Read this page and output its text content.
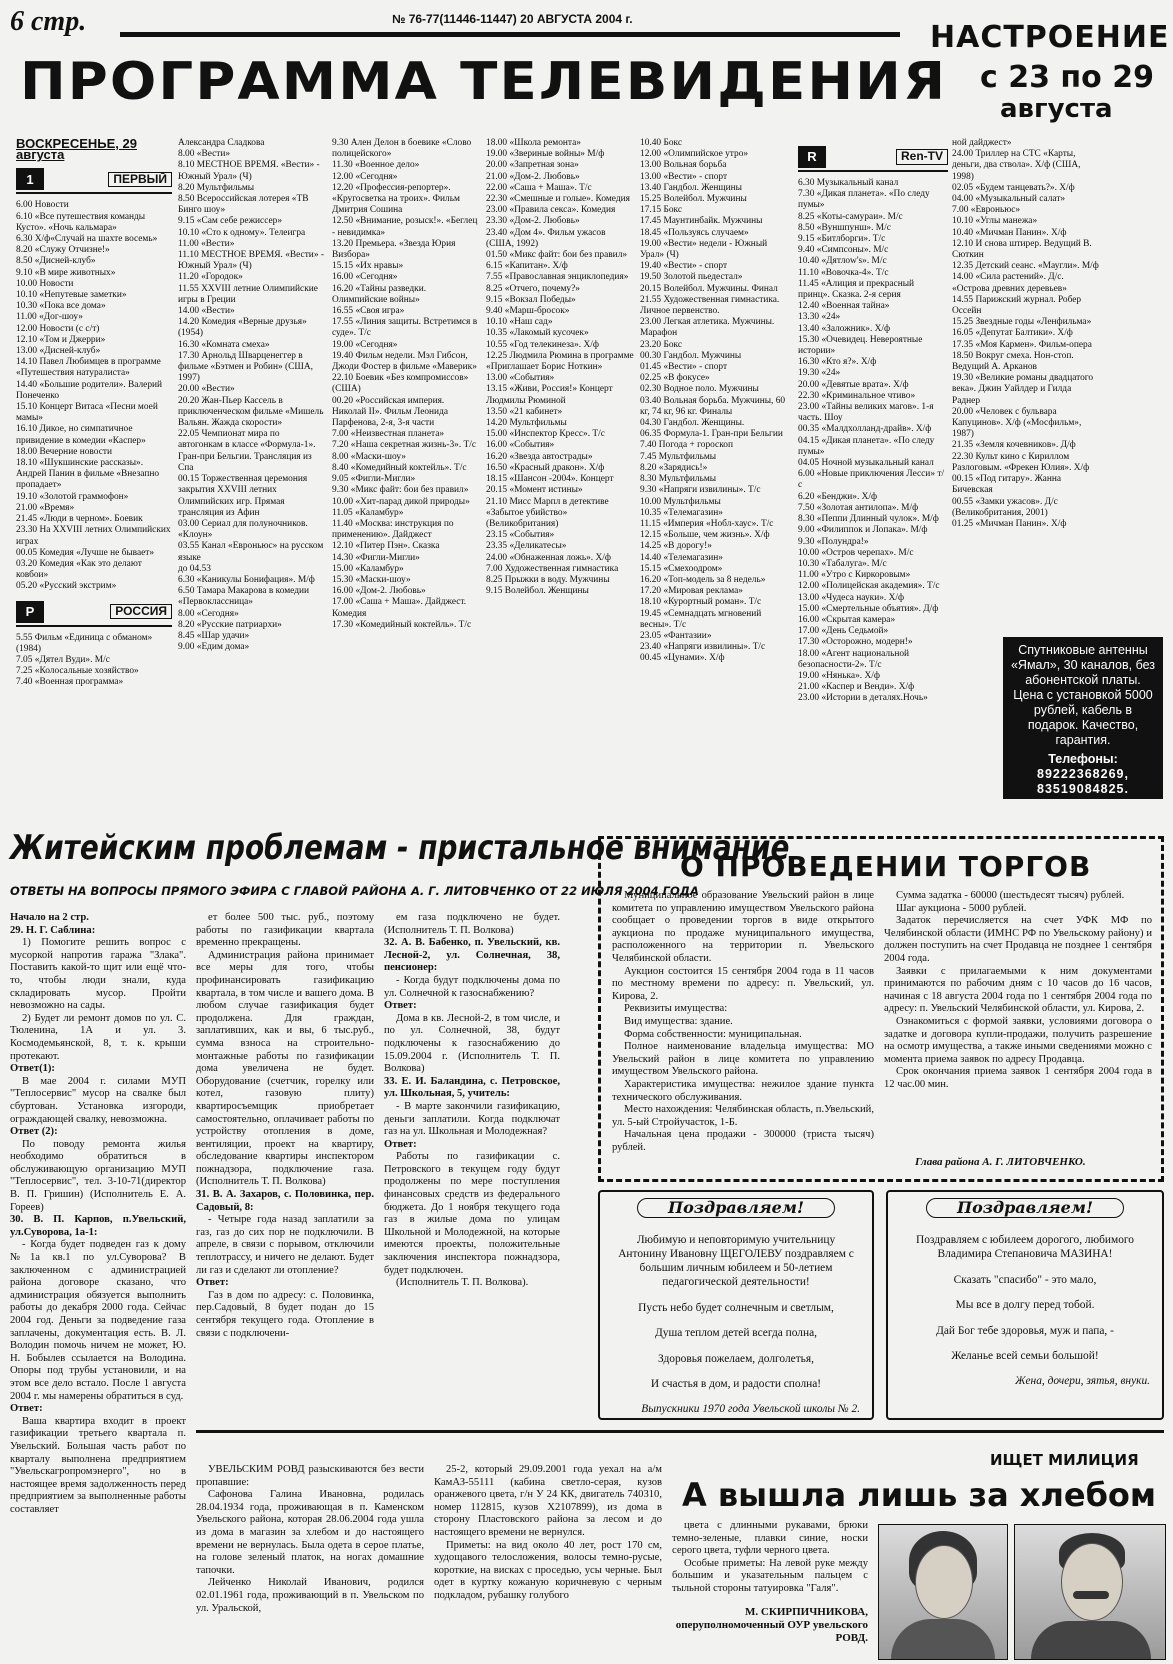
6 стр.	№ 76-77(11446-11447) 20 АВГУСТА 2004 г.
НАСТРОЕНИЕ
ПРОГРАММА ТЕЛЕВИДЕНИЯ с 23 по 29
августа
ВОСКРЕСЕНЬЕ, 29 августа
1	ПЕРВЫЙ

6.00 Новости

6.10 «Все путешествия команды Кусто». «Ночь кальмара»

6.30 Х/ф«Случай на шахте восемь»

8.20 «Служу Отчизне!»

8.50 «Дисней-клуб»

9.10 «В мире животных»

10.00 Новости

10.10 «Непутевые заметки»

10.30 «Пока все дома»

11.00 «Дог-шоу»

12.00 Новости (с с/т)

12.10 «Том и Джерри»

13.00 «Дисней-клуб»

14.10 Павел Любимцев в программе «Путешествия натуралиста»

14.40 «Большие родители». Валерий Понеченко

15.10 Концерт Витаса «Песни моей мамы»

16.10 Дикое, но симпатичное привидение в комедии «Каспер»

18.00 Вечерние новости

18.10 «Шукшинские рассказы». Андрей Панин в фильме «Внезапно пропадает»

19.10 «Золотой граммофон»

21.00 «Время»

21.45 «Люди в черном». Боевик

23.30 На XXVIII летних Олимпийских играх

00.05 Комедия «Лучше не бывает»

03.20 Комедия «Как это делают ковбои»

05.20 «Русский экстрим»

Р	РОССИЯ

5.55 Фильм «Единица с обманом» (1984)

7.05 «Дятел Вуди». М/с

7.25 «Колосальные хозяйство»

7.40 «Военная программа»

Александра Сладкова

8.00 «Вести»

8.10 МЕСТНОЕ ВРЕМЯ. «Вести» - Южный Урал» (Ч)

8.20 Мультфильмы

8.50 Всероссийская лотерея «ТВ Бинго шоу»

9.15 «Сам себе режиссер»

10.10 «Сто к одному». Телеигра

11.00 «Вести»

11.10 МЕСТНОЕ ВРЕМЯ. «Вести» - Южный Урал» (Ч)

11.20 «Городок»

11.55 XXVIII летние Олимпийские игры в Греции

14.00 «Вести»

14.20 Комедия «Верные друзья» (1954)

16.30 «Комната смеха»

17.30 Арнольд Шварценеггер в фильме «Бэтмен и Робин» (США, 1997)

20.00 «Вести»

20.20 Жан-Пьер Кассель в приключенческом фильме «Мишель Вальян. Жажда скорости»

22.05 Чемпионат мира по автогонкам в классе «Формула-1». Гран-при Бельгии. Трансляция из Спа

00.15 Торжественная церемония закрытия XXVIII летних Олимпийских игр. Прямая трансляция из Афин

03.00 Сериал для полуночников. «Клоун»

03.55 Канал «Евроньюс» на русском языке

до 04.53

6.30 «Каникулы Бонифация». М/ф

6.50 Тамара Макарова в комедии «Первоклассница»

8.00 «Сегодня»

8.20 «Русские патриархи»

8.45 «Шар удачи»

9.00 «Едим дома»

9.30 Ален Делон в боевике «Слово полицейского»

11.30 «Военное дело»

12.00 «Сегодня»

12.20 «Профессия-репортер». «Кругосветка на троих». Фильм Дмитрия Сошина

12.50 «Внимание, розыск!». «Беглец - невидимка»

13.20 Премьера. «Звезда Юрия Визбора»

15.15 «Их нравы»

16.00 «Сегодня»

16.20 «Тайны разведки. Олимпийские войны»

16.55 «Своя игра»

17.55 «Линия защиты. Встретимся в суде». Т/с

19.00 «Сегодня»

19.40 Фильм недели. Мэл Гибсон, Джоди Фостер в фильме «Маверик»

22.10 Боевик «Без компромиссов» (США)

00.20 «Российская империя. Николай II». Фильм Леонида Парфенова, 2-я, 3-я части

7.00 «Неизвестная планета»

7.20 «Наша секретная жизнь-3». Т/с

8.00 «Маски-шоу»

8.40 «Комедийный коктейль». Т/с

9.05 «Фигли-Мигли»

9.30 «Микс файт: бои без правил»

10.00 «Хит-парад дикой природы»

11.05 «Каламбур»

11.40 «Москва: инструкция по применению». Дайджест

12.10 «Питер Пэн». Сказка

14.30 «Фигли-Мигли»

15.00 «Каламбур»

15.30 «Маски-шоу»

16.00 «Дом-2. Любовь»

17.00 «Саша + Маша». Дайджест. Комедия

17.30 «Комедийный коктейль». Т/с

18.00 «Школа ремонта»

19.00 «Звериные войны» М/ф

20.00 «Запретная зона»

21.00 «Дом-2. Любовь»

22.00 «Саша + Маша». Т/с

22.30 «Смешные и голые». Комедия

23.00 «Правила секса». Комедия

23.30 «Дом-2. Любовь»

23.40 «Дом 4». Фильм ужасов (США, 1992)

01.50 «Микс файт: бои без правил»

6.15 «Капитан». Х/ф

7.55 «Православная энциклопедия»

8.25 «Отчего, почему?»

9.15 «Вокзал Победы»

9.40 «Марш-бросок»

10.10 «Наш сад»

10.35 «Лакомый кусочек»

10.55 «Год телекинеза». Х/ф

12.25 Людмила Рюмина в программе «Приглашает Борис Ноткин»

13.00 «События»

13.15 «Живи, Россия!» Концерт Людмилы Рюминой

13.50 «21 кабинет»

14.20 Мультфильмы

15.00 «Инспектор Кресс». Т/с

16.00 «События»

16.20 «Звезда автострады»

16.50 «Красный дракон». Х/ф

18.15 «Шансон -2004». Концерт

20.15 «Момент истины»

21.10 Мисс Марпл в детективе «Забытое убийство» (Великобритания)

23.15 «События»

23.35 «Деликатесы»

24.00 «Обнаженная ложь». Х/ф

7.00 Художественная гимнастика

8.25 Прыжки в воду. Мужчины

9.15 Волейбол. Женщины

10.40 Бокс

12.00 «Олимпийское утро»

13.00 Вольная борьба

13.00 «Вести» - спорт

13.40 Гандбол. Женщины

15.25 Волейбол. Мужчины

17.15 Бокс

17.45 Маунтинбайк. Мужчины

18.45 «Пользуясь случаем»

19.00 «Вести» недели - Южный Урал» (Ч)

19.40 «Вести» - спорт

19.50 Золотой пьедестал»

20.15 Волейбол. Мужчины. Финал

21.55 Художественная гимнастика. Личное первенство.

23.00 Легкая атлетика. Мужчины. Марафон

23.20 Бокс

00.30 Гандбол. Мужчины

01.45 «Вести» - спорт

02.25 «В фокусе»

02.30 Водное поло. Мужчины

03.40 Вольная борьба. Мужчины, 60 кг, 74 кг, 96 кг. Финалы

04.30 Гандбол. Женщины.

06.35 Формула-1. Гран-при Бельгии

7.40 Погода + гороскоп

7.45 Мультфильмы

8.20 «Зарядись!»

8.30 Мультфильмы

9.30 «Напряги извилины». Т/с

10.00 Мультфильмы

10.35 «Телемагазин»

11.15 «Империя «Нобл-хаус». Т/с

12.15 «Больше, чем жизнь». Х/ф

14.25 «В дорогу!»

14.40 «Телемагазин»

15.15 «Смехоодром»

16.20 «Топ-модель за 8 недель»

17.20 «Мировая реклама»

18.10 «Курортный роман». Т/с

19.45 «Семнадцать мгновений весны». Т/с

23.05 «Фантазии»

23.40 «Напряги извилины». Т/с

00.45 «Цунами». Х/ф

R	Ren-TV

6.30 Музыкальный канал

7.30 «Дикая планета». «По следу пумы»

8.25 «Коты-самураи». М/с

8.50 «Вуншпунш». М/с

9.15 «Битлборги». Т/с

9.40 «Симпсоны». М/с

10.40 «Дятлоw's». М/с

11.10 «Вовочка-4». Т/с

11.45 «Алиция и прекрасный принц». Сказка. 2-я серия

12.40 «Военная тайна»

13.30 «24»

13.40 «Заложник». Х/ф

15.30 «Очевидец. Невероятные истории»

16.30 «Кто я?». Х/ф

19.30 «24»

20.00 «Девятые врата». Х/ф

22.30 «Криминальное чтиво»

23.00 «Тайны великих магов». 1-я часть. Шоу

00.35 «Малдхолланд-драйв». Х/ф

04.15 «Дикая планета». «По следу пумы»

04.05 Ночной музыкальный канал

6.00 «Новые приключения Лесси» т/с

6.20 «Бенджи». Х/ф

7.50 «Золотая антилопа». М/ф

8.30 «Пеппи Длинный чулок». М/ф

9.00 «Филиппок и Лопака». М/ф

9.30 «Полундра!»

10.00 «Остров черепах». М/с

10.30 «Табалуга». М/с

11.00 «Утро с Киркоровым»

12.00 «Полицейская академия». Т/с

13.00 «Чудеса науки». Х/ф

15.00 «Смертельные объятия». Д/ф

16.00 «Скрытая камера»

17.00 «День Седьмой»

17.30 «Осторожно, модерн!»

18.00 «Агент национальной безопасности-2». Т/с

19.00 «Нянька». Х/ф

21.00 «Каспер и Венди». Х/ф

23.00 «Истории в деталях.Ночь»

ной дайджест»

24.00 Триллер на СТС «Карты, деньги, два ствола». Х/ф (США, 1998)

02.05 «Будем танцевать?». Х/ф

04.00 «Музыкальный салат»

7.00 «Евроньюс»

10.10 «Углы манежа»

10.40 «Мичман Панин». Х/ф

12.10 И снова штирер. Ведущий В. Сюткин

12.35 Детский сеанс. «Маугли». М/ф

14.00 «Сила растений». Д/с. «Острова древних деревьев»

14.55 Парижский журнал. Робер Оссейн

15.25 Звездные годы «Ленфильма»

16.05 «Депутат Балтики». Х/ф

17.35 «Моя Кармен». Фильм-опера

18.50 Вокруг смеха. Нон-стоп. Ведущий А. Арканов

19.30 «Великие романы двадцатого века». Джин Уайлдер и Гилда Раднер

20.00 «Человек с бульвара Капуцинов». Х/ф («Мосфильм», 1987)

21.35 «Земля кочевников». Д/ф

22.30 Культ кино с Кириллом Разлоговым. «Фрекен Юлия». Х/ф

00.15 «Под гитару». Жанна Бичевская

00.55 «Замки ужасов». Д/с (Великобритания, 2001)

01.25 «Мичман Панин». Х/ф

Спутниковые антенны «Ямал», 30 каналов, без абонентской платы. Цена с установкой 5000 рублей, кабель в подарок. Качество, гарантия.
Телефоны:
89222368269, 83519084825.
Житейским проблемам - пристальное внимание
ОТВЕТЫ НА ВОПРОСЫ ПРЯМОГО ЭФИРА С ГЛАВОЙ РАЙОНА А. Г. ЛИТОВЧЕНКО ОТ 22 ИЮЛЯ 2004 ГОДА

Начало на 2 стр.

29. Н. Г. Саблина:

1) Помогите решить вопрос с мусоркой напротив гаража "Злака". Поставить какой-то щит или ещё что-то, чтобы люди знали, куда складировать мусор. Пройти невозможно на сады.

2) Будет ли ремонт домов по ул. С. Тюленина, 1А и ул. 3. Космодемьянской, 8, т. к. крыши протекают.

Ответ(1):

В мае 2004 г. силами МУП "Теплосервис" мусор на свалке был сбуртован. Установка изгороди, ограждающей свалку, невозможна.

Ответ (2):

По поводу ремонта жилья необходимо обратиться в обслуживающую организацию МУП "Теплосервис", тел. 3-10-71(директор В. П. Гришин) (Исполнитель Е. А. Гореев)

30. В. П. Карпов, п.Увельский, ул.Суворова, 1а-1:

- Когда будет подведен газ к дому №1а кв.1 по ул.Суворова? В заключенном с администрацией района договоре сказано, что администрация обязуется выполнить работы до декабря 2000 года. Сейчас 2004 год. Деньги за подведение газа заплачены, документация есть. В. Л. Володин помочь ничем не может, Ю. Н. Бобылев ссылается на Володина. Опоры под трубы установили, и на этом все дело встало. После 1 августа 2004 г. мы намерены обратиться в суд.

Ответ:

Ваша квартира входит в проект газификации третьего квартала п. Увельский. Большая часть работ по кварталу выполнена предприятием "Увельскагропромэнерго", но в настоящее время задолженность перед предприятием за выполненные работы составляет

ет более 500 тыс. руб., поэтому работы по газификации квартала временно прекращены.

Администрация района принимает все меры для того, чтобы профинансировать газификацию квартала, в том числе и вашего дома. В любом случае газификация будет продолжена. Для граждан, заплативших, как и вы, 6 тыс.руб., сумма взноса на строительно-монтажные работы по газификации дома увеличена не будет. Оборудование (счетчик, горелку или котел, газовую плиту) квартиросъемщик приобретает самостоятельно, оплачивает работы по устройству отопления в доме, вентиляции, проект на квартиру, обследование квартиры инспектором пожнадзора, подключение газа. (Исполнитель Т. П. Волкова)

31. В. А. Захаров, с. Половинка, пер. Садовый, 8:

- Четыре года назад заплатили за газ, газ до сих пор не подключили. В апреле, в связи с порывом, отключили теплотрассу, и ничего не делают. Будет ли газ и сделают ли отопление?

Ответ:

Газ в дом по адресу: с. Половинка, пер.Садовый, 8 будет подан до 15 сентября текущего года. Отопление в связи с подключени-

ем газа подключено не будет. (Исполнитель Т. П. Волкова)

32. А. В. Бабенко, п. Увельский, кв. Лесной-2, ул. Солнечная, 38, пенсионер:

- Когда будут подключены дома по ул. Солнечной к газоснабжению?

Ответ:

Дома в кв. Лесной-2, в том числе, и по ул. Солнечной, 38, будут подключены к газоснабжению до 15.09.2004 г. (Исполнитель Т. П. Волкова)

33. Е. И. Баландина, с. Петровское, ул. Школьная, 5, учитель:

- В марте закончили газификацию, деньги заплатили. Когда подключат газ на ул. Школьная и Молодежная?

Ответ:

Работы по газификации с. Петровского в текущем году будут продолжены по мере поступления финансовых средств из федерального бюджета. До 1 ноября текущего года газ в жилые дома по улицам Школьной и Молодежной, на которые имеются проекты, положительные заключения инспектора пожнадзора, будет подключен.

(Исполнитель Т. П. Волкова).

О ПРОВЕДЕНИИ ТОРГОВ

Муниципальное образование Увельский район в лице комитета по управлению имуществом Увельского района сообщает о проведении торгов в виде открытого аукциона по продаже муниципального имущества, расположенного на территории п. Увельского Челябинской области.

Аукцион состоится 15 сентября 2004 года в 11 часов по местному времени по адресу: п. Увельский, ул. Кирова, 2.

Реквизиты имущества:

Вид имущества: здание.

Форма собственности: муниципальная.

Полное наименование владельца имущества: МО Увельский район в лице комитета по управлению имуществом Увельского района.

Характеристика имущества: нежилое здание пункта технического обслуживания.

Место нахождения: Челябинская область, п.Увельский, ул. 5-ый Стройучасток, 1-Б.

Начальная цена продажи - 300000 (триста тысяч) рублей.

Сумма задатка - 60000 (шестьдесят тысяч) рублей.

Шаг аукциона - 5000 рублей.

Задаток перечисляется на счет УФК МФ по Челябинской области (ИМНС РФ по Увельскому району) и должен поступить на счет Продавца не позднее 1 сентября 2004 года.

Заявки с прилагаемыми к ним документами принимаются по рабочим дням с 10 часов до 16 часов, начиная с 18 августа 2004 года по 1 сентября 2004 года по адресу: п. Увельский Челябинской области, ул. Кирова, 2.

Ознакомиться с формой заявки, условиями договора о задатке и договора купли-продажи, получить разрешение на осмотр имущества, а также иными сведениями можно с момента приема заявок по адресу Продавца.

Срок окончания приема заявок 1 сентября 2004 года в 12 час.00 мин.

Глава района А. Г. ЛИТОВЧЕНКО.
Поздравляем!

Любимую и неповторимую учительницу Антонину Ивановну ЩЕГОЛЕВУ поздравляем с большим личным юбилеем и 50-летием педагогической деятельности!

Пусть небо будет солнечным и светлым,

Душа теплом детей всегда полна,

Здоровья пожелаем, долголетья,

И счастья в дом, и радости сполна!

Выпускники 1970 года Увельской школы № 2.
Поздравляем!

Поздравляем с юбилеем дорогого, любимого Владимира Степановича МАЗИНА!

Сказать "спасибо" - это мало,

Мы все в долгу перед тобой.

Дай Бог тебе здоровья, муж и папа, -

Желанье всей семьи большой!

Жена, дочери, зятья, внуки.
ИЩЕТ МИЛИЦИЯ
А вышла лишь за хлебом

УВЕЛЬСКИМ РОВД разыскиваются без вести пропавшие:

Сафонова Галина Ивановна, родилась 28.04.1934 года, проживающая в п. Каменском Увельского района, которая 28.06.2004 года ушла из дома в магазин за хлебом и до настоящего времени не вернулась. Была одета в серое платье, на голове зеленый платок, на ногах домашние тапочки.

Лейченко Николай Иванович, родился 02.01.1961 года, проживающий в п. Увельском по ул. Уральской,

25-2, который 29.09.2001 года уехал на а/м КамАЗ-55111 (кабина светло-серая, кузов оранжевого цвета, г/н У 24 КК, двигатель 740310, номер 112815, кузов Х2107899), из дома в сторону Пластовского района за лесом и до настоящего времени не вернулся.

Приметы: на вид около 40 лет, рост 170 см, худощавого телосложения, волосы темно-русые, короткие, на висках с проседью, усы черные. Был одет в куртку кожаную коричневую с черным подкладом, рубашку голубого

цвета с длинными рукавами, брюки темно-зеленые, плавки синие, носки серого цвета, туфли черного цвета.

Особые приметы: На левой руке между большим и указательным пальцем с тыльной стороны татуировка "Галя".

М. СКИРПИЧНИКОВА, оперуполномоченный ОУР увельского РОВД.
